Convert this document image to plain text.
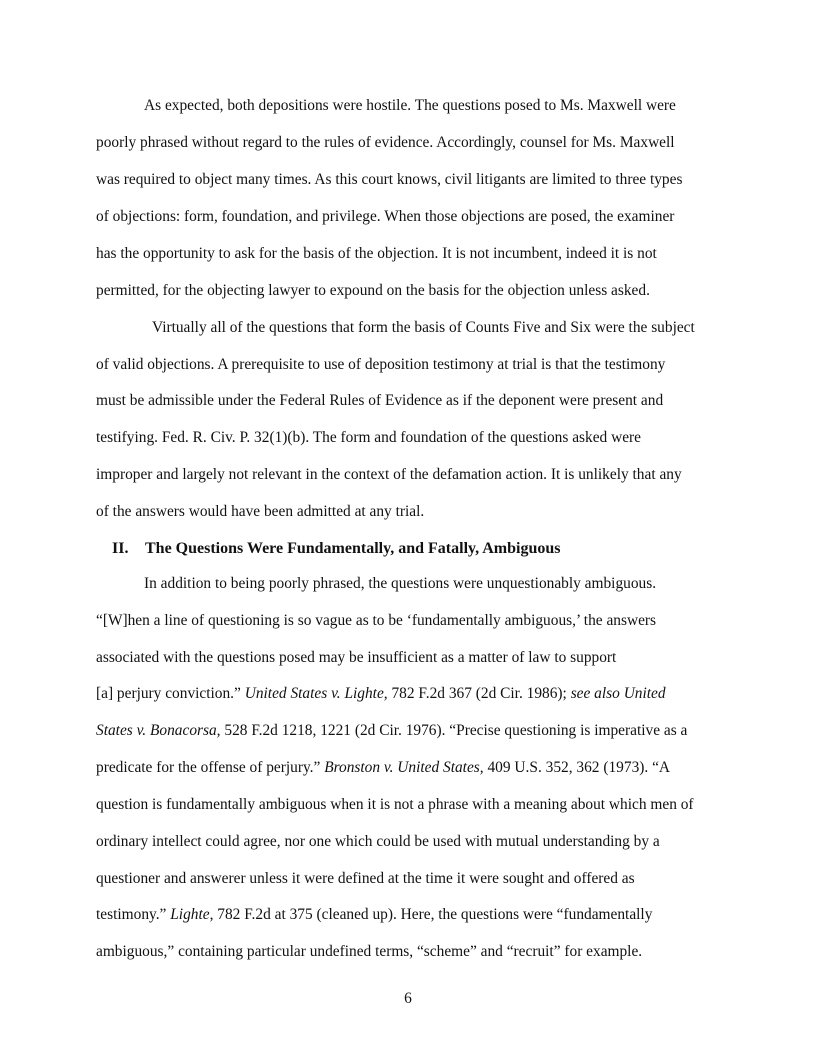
As expected, both depositions were hostile. The questions posed to Ms. Maxwell were

poorly phrased without regard to the rules of evidence. Accordingly, counsel for Ms. Maxwell

was required to object many times. As this court knows, civil litigants are limited to three types

of objections: form, foundation, and privilege. When those objections are posed, the examiner

has the opportunity to ask for the basis of the objection. It is not incumbent, indeed it is not

permitted, for the objecting lawyer to expound on the basis for the objection unless asked.

Virtually all of the questions that form the basis of Counts Five and Six were the subject

of valid objections. A prerequisite to use of deposition testimony at trial is that the testimony

must be admissible under the Federal Rules of Evidence as if the deponent were present and

testifying. Fed. R. Civ. P. 32(1)(b). The form and foundation of the questions asked were

improper and largely not relevant in the context of the defamation action. It is unlikely that any

of the answers would have been admitted at any trial.

II. The Questions Were Fundamentally, and Fatally, Ambiguous

In addition to being poorly phrased, the questions were unquestionably ambiguous.

“[W]hen a line of questioning is so vague as to be ‘fundamentally ambiguous,’ the answers

associated with the questions posed may be insufficient as a matter of law to support

[a] perjury conviction.” United States v. Lighte, 782 F.2d 367 (2d Cir. 1986); see also United

States v. Bonacorsa, 528 F.2d 1218, 1221 (2d Cir. 1976). “Precise questioning is imperative as a

predicate for the offense of perjury.” Bronston v. United States, 409 U.S. 352, 362 (1973). “A

question is fundamentally ambiguous when it is not a phrase with a meaning about which men of

ordinary intellect could agree, nor one which could be used with mutual understanding by a

questioner and answerer unless it were defined at the time it were sought and offered as

testimony.” Lighte, 782 F.2d at 375 (cleaned up). Here, the questions were “fundamentally

ambiguous,” containing particular undefined terms, “scheme” and “recruit” for example.

6
